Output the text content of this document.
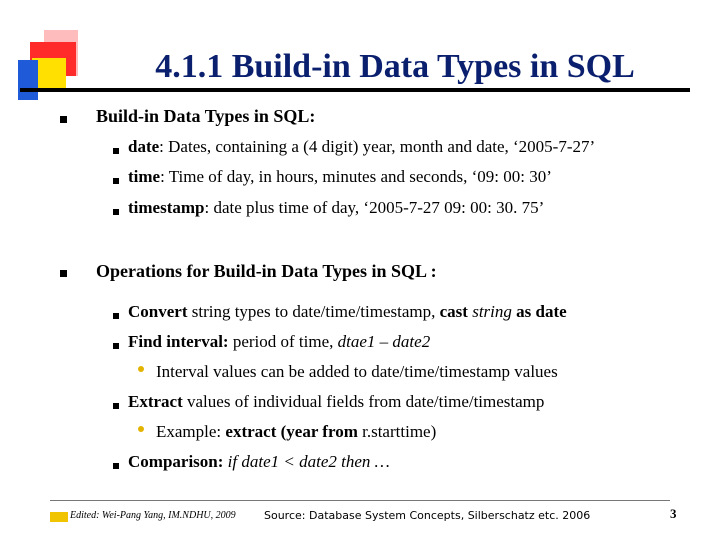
4.1.1 Build-in Data Types in SQL
Build-in Data Types in SQL:
date: Dates, containing a (4 digit) year, month and date, ‘2005-7-27’
time: Time of day, in hours, minutes and seconds, ‘09: 00: 30’
timestamp: date plus time of day, ‘2005-7-27 09: 00: 30. 75’
Operations for Build-in Data Types in SQL :
Convert string types to date/time/timestamp, cast string as date
Find interval: period of time, dtae1 – date2
Interval values can be added to date/time/timestamp values
Extract values of individual fields from date/time/timestamp
Example: extract (year from r.starttime)
Comparison: if date1 < date2 then …
Edited: Wei-Pang Yang, IM.NDHU, 2009	Source: Database System Concepts, Silberschatz etc. 2006	3
